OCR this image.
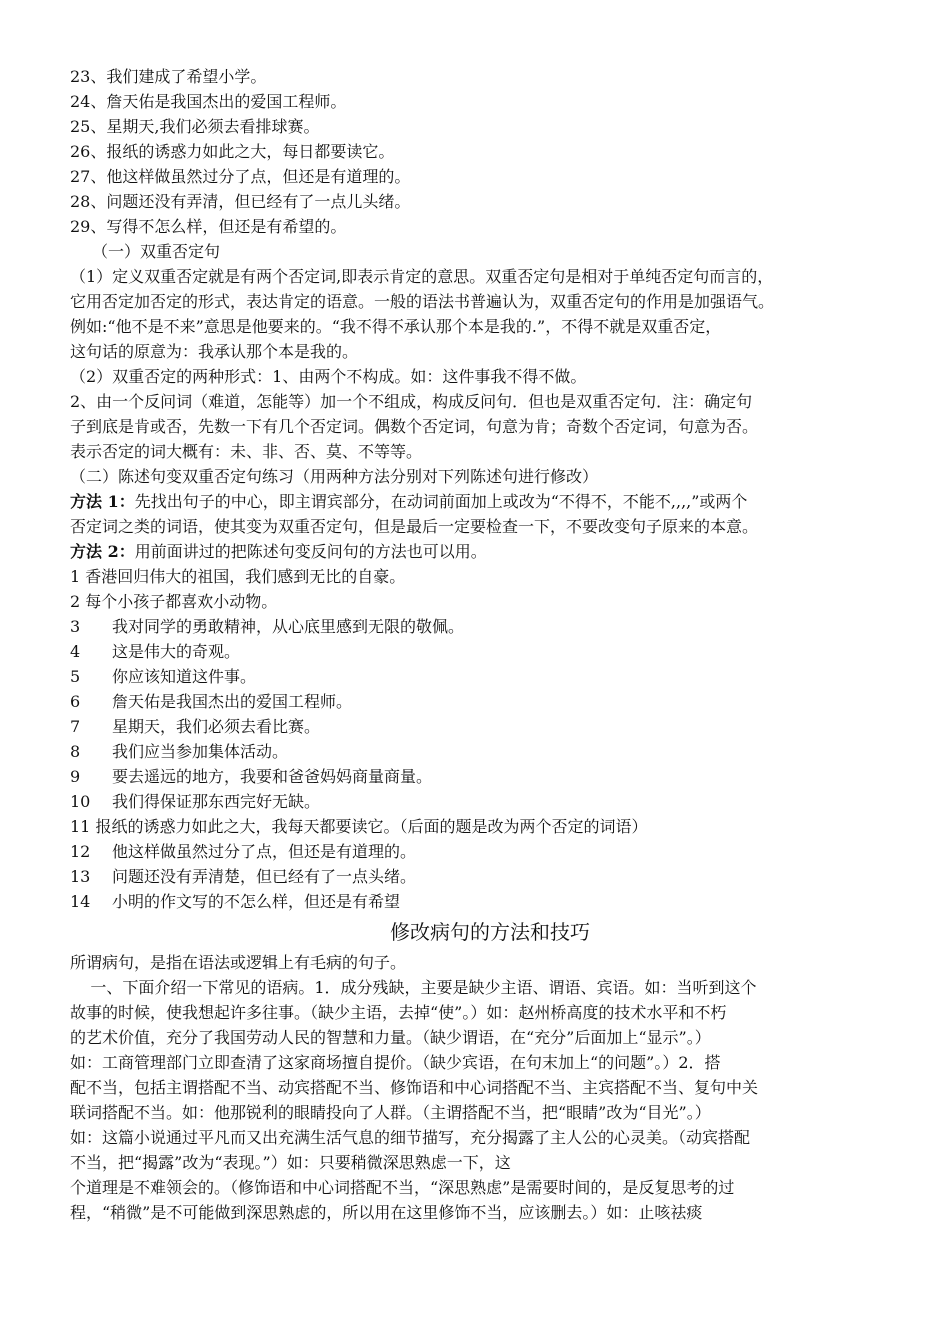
23、我们建成了希望小学。
24、詹天佑是我国杰出的爱国工程师。
25、星期天,我们必须去看排球赛。
26、报纸的诱惑力如此之大，每日都要读它。
27、他这样做虽然过分了点，但还是有道理的。
28、问题还没有弄清，但已经有了一点儿头绪。
29、写得不怎么样，但还是有希望的。
（一）双重否定句
（1）定义双重否定就是有两个否定词,即表示肯定的意思。双重否定句是相对于单纯否定句而言的，
它用否定加否定的形式，表达肯定的语意。一般的语法书普遍认为，双重否定句的作用是加强语气。
例如:“他不是不来”意思是他要来的。“我不得不承认那个本是我的.”，不得不就是双重否定，
这句话的原意为：我承认那个本是我的。
（2）双重否定的两种形式：1、由两个不构成。如：这件事我不得不做。
2、由一个反问词（难道，怎能等）加一个不组成，构成反问句．但也是双重否定句．注：确定句
子到底是肯或否，先数一下有几个否定词。偶数个否定词，句意为肯；奇数个否定词，句意为否。
表示否定的词大概有：未、非、否、莫、不等等。
（二）陈述句变双重否定句练习（用两种方法分别对下列陈述句进行修改）
方法 1：先找出句子的中心，即主谓宾部分，在动词前面加上或改为“不得不，不能不,,,,”或两个
否定词之类的词语，使其变为双重否定句，但是最后一定要检查一下，不要改变句子原来的本意。
方法 2：用前面讲过的把陈述句变反问句的方法也可以用。
1 香港回归伟大的祖国，我们感到无比的自豪。
2 每个小孩子都喜欢小动物。
3 我对同学的勇敢精神，从心底里感到无限的敬佩。
4 这是伟大的奇观。
5 你应该知道这件事。
6 詹天佑是我国杰出的爱国工程师。
7 星期天，我们必须去看比赛。
8 我们应当参加集体活动。
9 要去遥远的地方，我要和爸爸妈妈商量商量。
10 我们得保证那东西完好无缺。
11 报纸的诱惑力如此之大，我每天都要读它。（后面的题是改为两个否定的词语）
12 他这样做虽然过分了点，但还是有道理的。
13 问题还没有弄清楚，但已经有了一点头绪。
14 小明的作文写的不怎么样，但还是有希望
修改病句的方法和技巧
所谓病句，是指在语法或逻辑上有毛病的句子。
一、下面介绍一下常见的语病。1．成分残缺，主要是缺少主语、谓语、宾语。如：当听到这个
故事的时候，使我想起许多往事。（缺少主语，去掉“使”。）如：赵州桥高度的技术水平和不朽
的艺术价值，充分了我国劳动人民的智慧和力量。（缺少谓语，在“充分”后面加上“显示”。）
如：工商管理部门立即查清了这家商场擅自提价。（缺少宾语，在句末加上“的问题”。）2．搭
配不当，包括主谓搭配不当、动宾搭配不当、修饰语和中心词搭配不当、主宾搭配不当、复句中关
联词搭配不当。如：他那锐利的眼睛投向了人群。（主谓搭配不当，把“眼睛”改为“目光”。）
如：这篇小说通过平凡而又出充满生活气息的细节描写，充分揭露了主人公的心灵美。（动宾搭配
不当，把“揭露”改为“表现。”）如：只要稍微深思熟虑一下，这
个道理是不难领会的。（修饰语和中心词搭配不当，“深思熟虑”是需要时间的，是反复思考的过
程，“稍微”是不可能做到深思熟虑的，所以用在这里修饰不当，应该删去。）如：止咳祛痰
